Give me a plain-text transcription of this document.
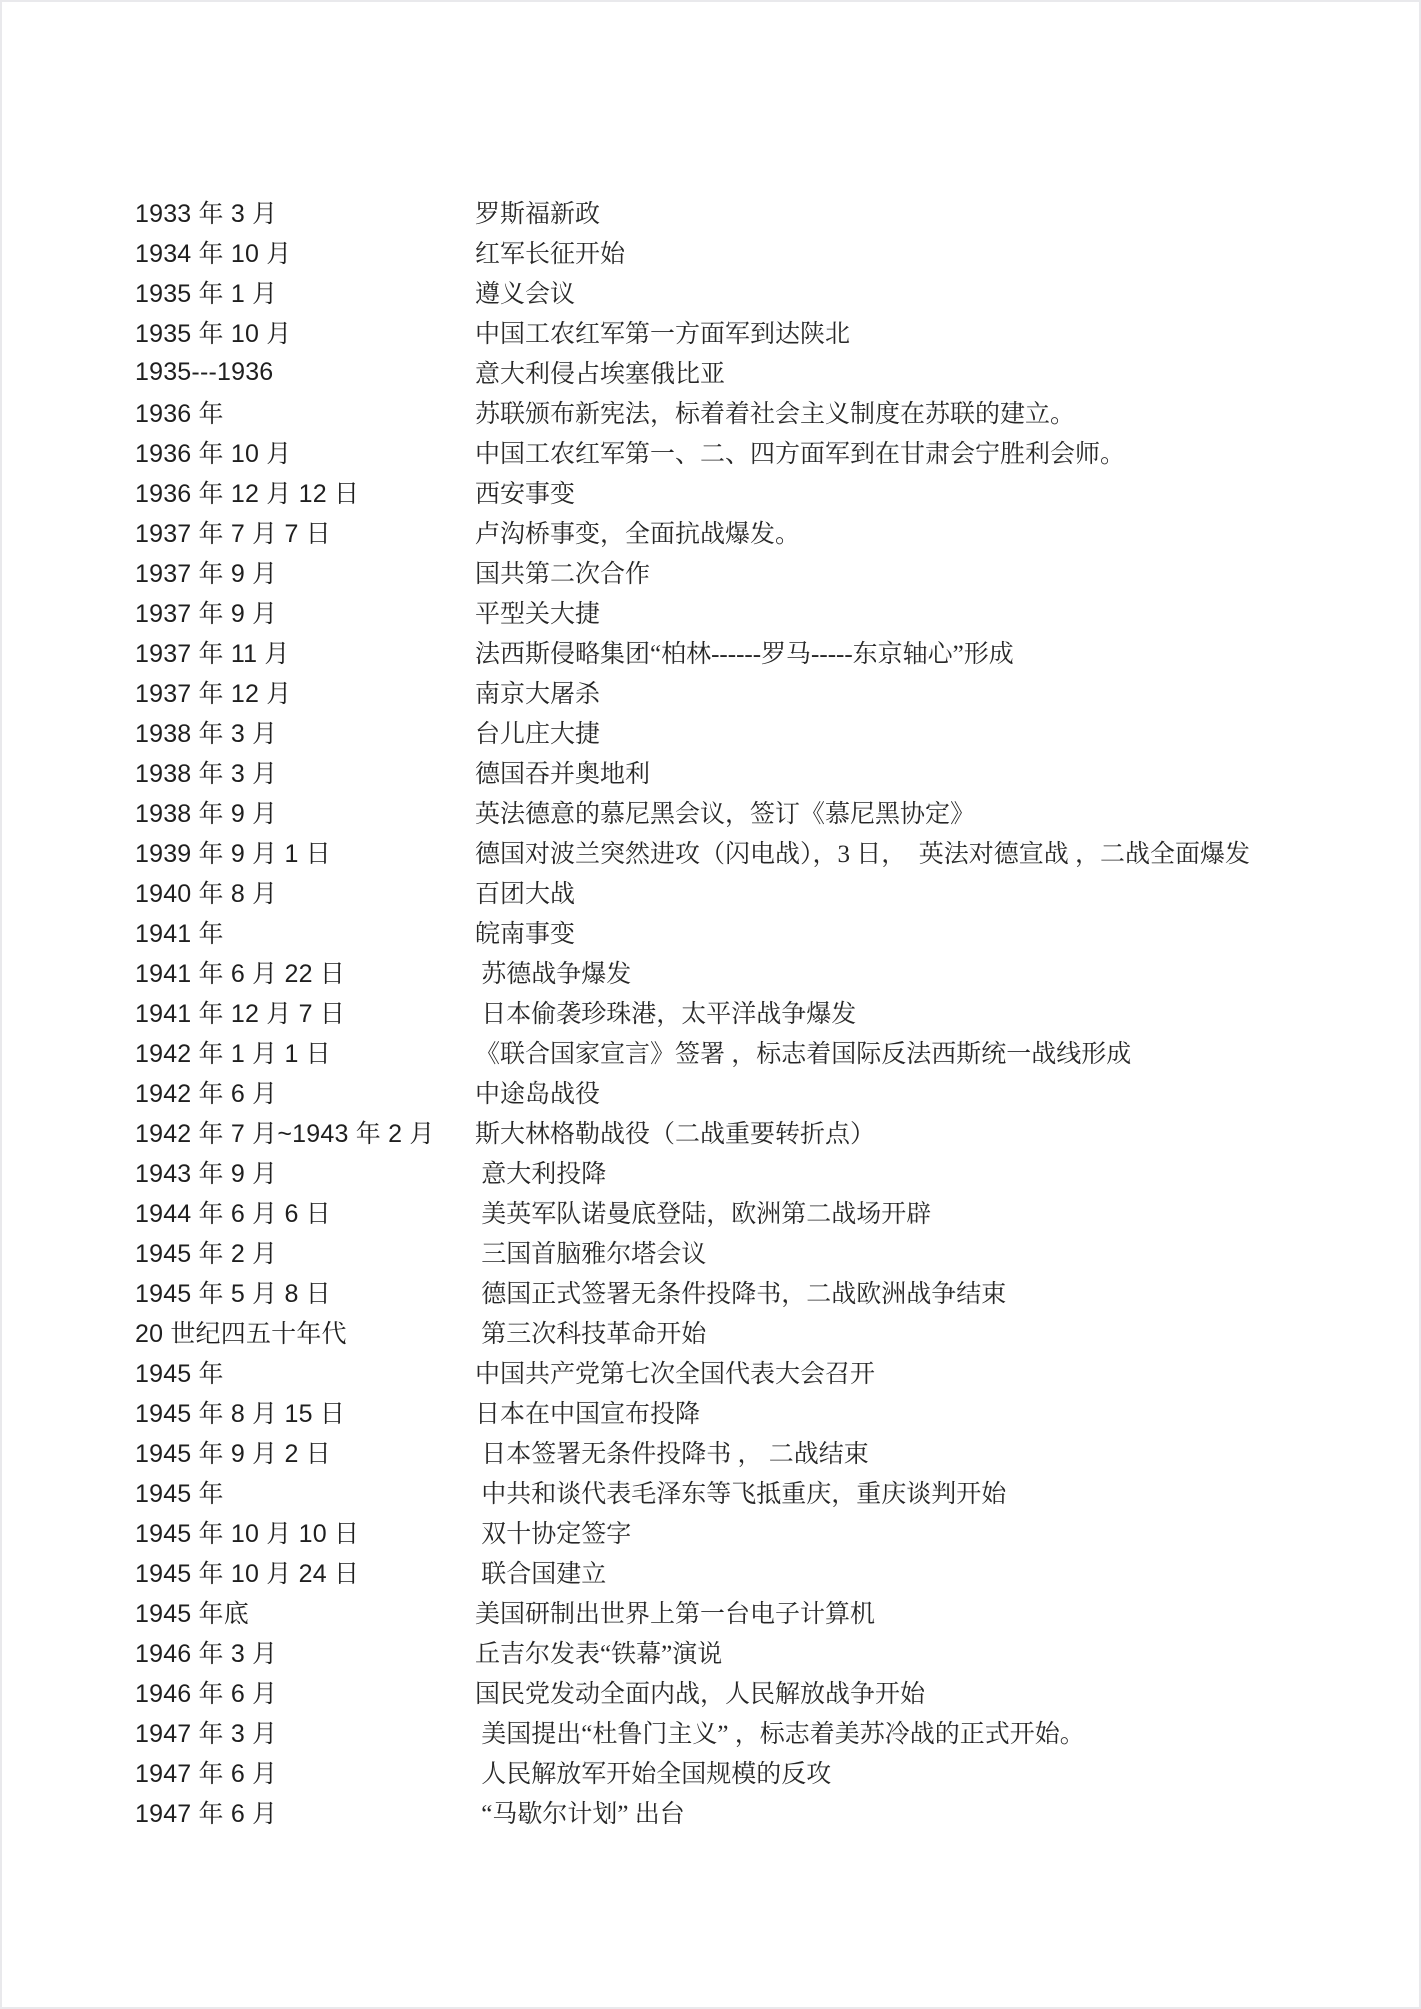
1933 年 3 月	罗斯福新政
1934 年 10 月	红军长征开始
1935 年 1 月	遵义会议
1935 年 10 月	中国工农红军第一方面军到达陕北
1935---1936	意大利侵占埃塞俄比亚
1936 年	苏联颁布新宪法，标着着社会主义制度在苏联的建立。
1936 年 10 月	中国工农红军第一、二、四方面军到在甘肃会宁胜利会师。
1936 年 12 月 12 日	西安事变
1937 年 7 月 7 日	卢沟桥事变，全面抗战爆发。
1937 年 9 月	国共第二次合作
1937 年 9 月	平型关大捷
1937 年 11 月	法西斯侵略集团“柏林------罗马-----东京轴心”形成
1937 年 12 月	南京大屠杀
1938 年 3 月	台儿庄大捷
1938 年 3 月	德国吞并奥地利
1938 年 9 月	英法德意的慕尼黑会议，签订《慕尼黑协定》
1939 年 9 月 1 日	德国对波兰突然进攻（闪电战），3 日，  英法对德宣战 ，二战全面爆发
1940 年 8 月	百团大战
1941 年	皖南事变
1941 年 6 月 22 日	苏德战争爆发
1941 年 12 月 7 日	日本偷袭珍珠港，太平洋战争爆发
1942 年 1 月 1 日	《联合国家宣言》签署 ，标志着国际反法西斯统一战线形成
1942 年 6 月	中途岛战役
1942 年 7 月~1943 年 2 月	斯大林格勒战役（二战重要转折点）
1943 年 9 月	意大利投降
1944 年 6 月 6 日	美英军队诺曼底登陆，欧洲第二战场开辟
1945 年 2 月	三国首脑雅尔塔会议
1945 年 5 月 8 日	德国正式签署无条件投降书，二战欧洲战争结束
20 世纪四五十年代	第三次科技革命开始
1945 年	中国共产党第七次全国代表大会召开
1945 年 8 月 15 日	日本在中国宣布投降
1945 年 9 月 2 日	日本签署无条件投降书 ， 二战结束
1945 年	中共和谈代表毛泽东等飞抵重庆，重庆谈判开始
1945 年 10 月 10 日	双十协定签字
1945 年 10 月 24 日	联合国建立
1945 年底	美国研制出世界上第一台电子计算机
1946 年 3 月	丘吉尔发表“铁幕”演说
1946 年 6 月	国民党发动全面内战，人民解放战争开始
1947 年 3 月	美国提出“杜鲁门主义” ，标志着美苏冷战的正式开始。
1947 年 6 月	人民解放军开始全国规模的反攻
1947 年 6 月	“马歇尔计划” 出台
